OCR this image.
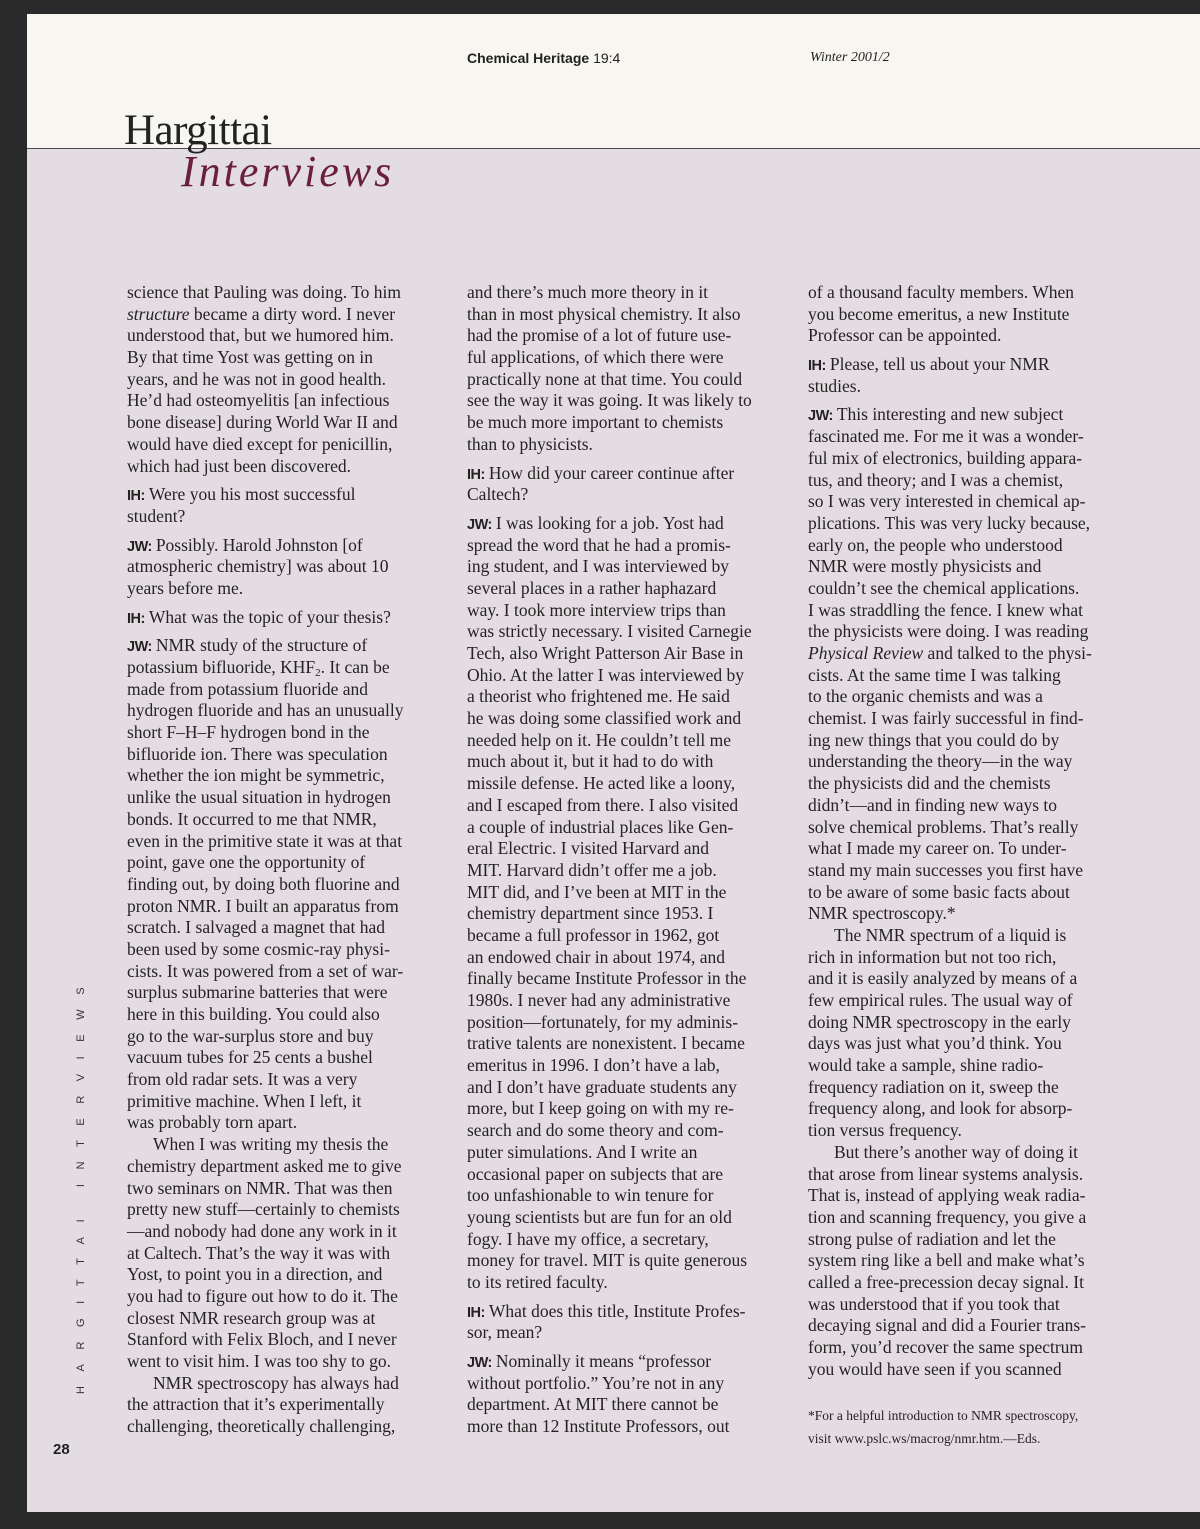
Chemical Heritage 19:4	Winter 2001/2
Hargittai
Interviews
science that Pauling was doing. To him
structure became a dirty word. I never
understood that, but we humored him.
By that time Yost was getting on in
years, and he was not in good health.
He’d had osteomyelitis [an infectious
bone disease] during World War II and
would have died except for penicillin,
which had just been discovered.
IH: Were you his most successful
student?
JW: Possibly. Harold Johnston [of
atmospheric chemistry] was about 10
years before me.
IH: What was the topic of your thesis?
JW: NMR study of the structure of
potassium bifluoride, $KHF_2$. It can be
made from potassium fluoride and
hydrogen fluoride and has an unusually
short F–H–F hydrogen bond in the
bifluoride ion. There was speculation
whether the ion might be symmetric,
unlike the usual situation in hydrogen
bonds. It occurred to me that NMR,
even in the primitive state it was at that
point, gave one the opportunity of
finding out, by doing both fluorine and
proton NMR. I built an apparatus from
scratch. I salvaged a magnet that had
been used by some cosmic-ray physi-
cists. It was powered from a set of war-
surplus submarine batteries that were
here in this building. You could also
go to the war-surplus store and buy
vacuum tubes for 25 cents a bushel
from old radar sets. It was a very
primitive machine. When I left, it
was probably torn apart.
When I was writing my thesis the
chemistry department asked me to give
two seminars on NMR. That was then
pretty new stuff—certainly to chemists
—and nobody had done any work in it
at Caltech. That’s the way it was with
Yost, to point you in a direction, and
you had to figure out how to do it. The
closest NMR research group was at
Stanford with Felix Bloch, and I never
went to visit him. I was too shy to go.
NMR spectroscopy has always had
the attraction that it’s experimentally
challenging, theoretically challenging,
and there’s much more theory in it
than in most physical chemistry. It also
had the promise of a lot of future use-
ful applications, of which there were
practically none at that time. You could
see the way it was going. It was likely to
be much more important to chemists
than to physicists.
IH: How did your career continue after
Caltech?
JW: I was looking for a job. Yost had
spread the word that he had a promis-
ing student, and I was interviewed by
several places in a rather haphazard
way. I took more interview trips than
was strictly necessary. I visited Carnegie
Tech, also Wright Patterson Air Base in
Ohio. At the latter I was interviewed by
a theorist who frightened me. He said
he was doing some classified work and
needed help on it. He couldn’t tell me
much about it, but it had to do with
missile defense. He acted like a loony,
and I escaped from there. I also visited
a couple of industrial places like Gen-
eral Electric. I visited Harvard and
MIT. Harvard didn’t offer me a job.
MIT did, and I’ve been at MIT in the
chemistry department since 1953. I
became a full professor in 1962, got
an endowed chair in about 1974, and
finally became Institute Professor in the
1980s. I never had any administrative
position—fortunately, for my adminis-
trative talents are nonexistent. I became
emeritus in 1996. I don’t have a lab,
and I don’t have graduate students any
more, but I keep going on with my re-
search and do some theory and com-
puter simulations. And I write an
occasional paper on subjects that are
too unfashionable to win tenure for
young scientists but are fun for an old
fogy. I have my office, a secretary,
money for travel. MIT is quite generous
to its retired faculty.
IH: What does this title, Institute Profes-
sor, mean?
JW: Nominally it means “professor
without portfolio.” You’re not in any
department. At MIT there cannot be
more than 12 Institute Professors, out
of a thousand faculty members. When
you become emeritus, a new Institute
Professor can be appointed.
IH: Please, tell us about your NMR
studies.
JW: This interesting and new subject
fascinated me. For me it was a wonder-
ful mix of electronics, building appara-
tus, and theory; and I was a chemist,
so I was very interested in chemical ap-
plications. This was very lucky because,
early on, the people who understood
NMR were mostly physicists and
couldn’t see the chemical applications.
I was straddling the fence. I knew what
the physicists were doing. I was reading
Physical Review and talked to the physi-
cists. At the same time I was talking
to the organic chemists and was a
chemist. I was fairly successful in find-
ing new things that you could do by
understanding the theory—in the way
the physicists did and the chemists
didn’t—and in finding new ways to
solve chemical problems. That’s really
what I made my career on. To under-
stand my main successes you first have
to be aware of some basic facts about
NMR spectroscopy.*
The NMR spectrum of a liquid is
rich in information but not too rich,
and it is easily analyzed by means of a
few empirical rules. The usual way of
doing NMR spectroscopy in the early
days was just what you’d think. You
would take a sample, shine radio-
frequency radiation on it, sweep the
frequency along, and look for absorp-
tion versus frequency.
But there’s another way of doing it
that arose from linear systems analysis.
That is, instead of applying weak radia-
tion and scanning frequency, you give a
strong pulse of radiation and let the
system ring like a bell and make what’s
called a free-precession decay signal. It
was understood that if you took that
decaying signal and did a Fourier trans-
form, you’d recover the same spectrum
you would have seen if you scanned
*For a helpful introduction to NMR spectroscopy,
visit www.pslc.ws/macrog/nmr.htm.—Eds.
HARGITTAI INTERVIEWS
28
